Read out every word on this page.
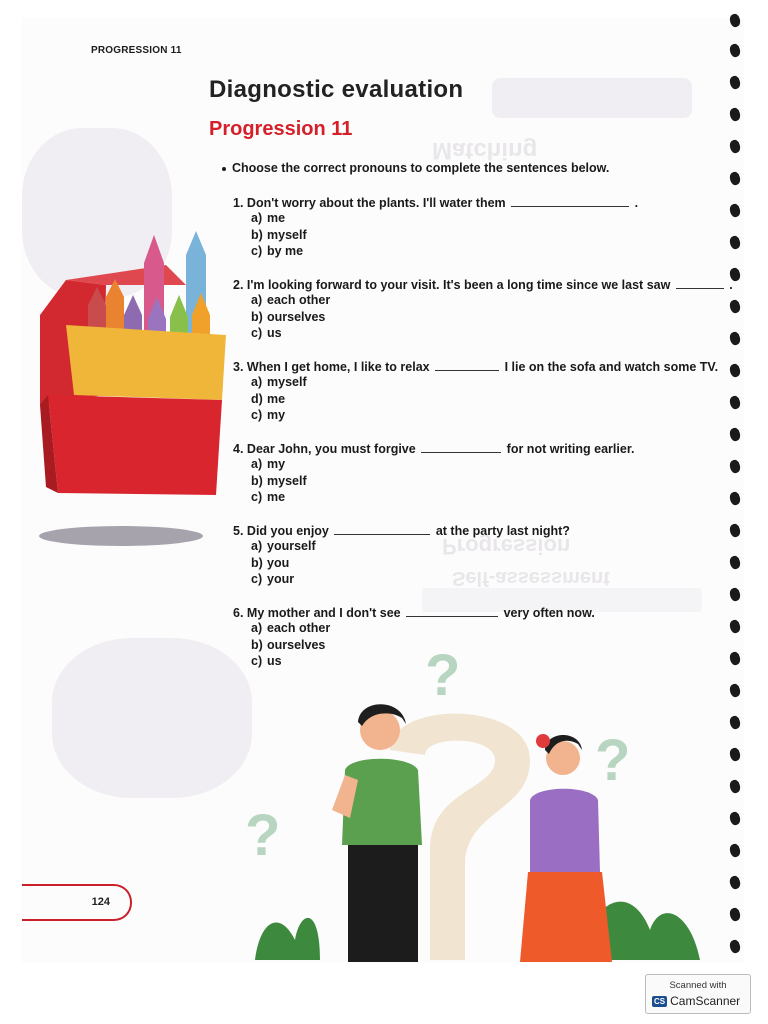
Matching
Progression
Self-assessment
PROGRESSION 11
Diagnostic evaluation
Progression 11
Choose the correct pronouns to complete the sentences below.
1. Don't worry about the plants. I'll water them	.
a) me
b) myself
c) by me
2. I'm looking forward to your visit. It's been a long time since we last saw	.
a) each other
b) ourselves
c) us
3. When I get home, I like to relax	I lie on the sofa and watch some TV.
a) myself
d) me
c) my
4. Dear John, you must forgive	for not writing earlier.
a) my
b) myself
c) me
5. Did you enjoy	at the party last night?
a) yourself
b) you
c) your
6. My mother and I don't see	very often now.
a) each other
b) ourselves
c) us	?
?
?
124
Scanned with
CS CamScanner
